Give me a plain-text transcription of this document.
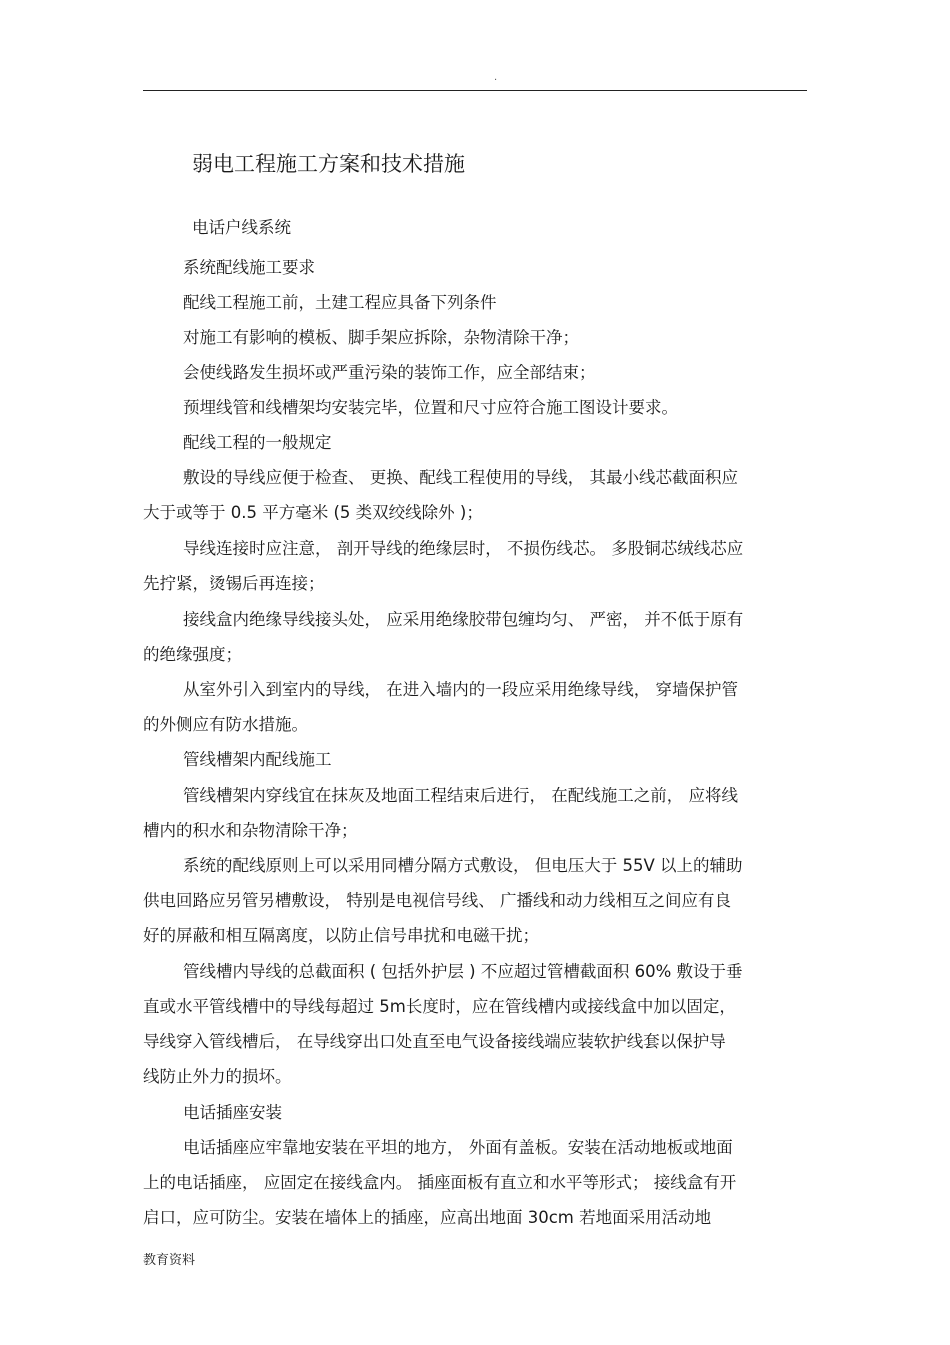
.
弱电工程施工方案和技术措施
电话户线系统
系统配线施工要求
配线工程施工前，土建工程应具备下列条件
对施工有影响的模板、脚手架应拆除，杂物清除干净；
会使线路发生损坏或严重污染的装饰工作，应全部结束；
预埋线管和线槽架均安装完毕，位置和尺寸应符合施工图设计要求。
配线工程的一般规定
敷设的导线应便于检查、 更换、配线工程使用的导线， 其最小线芯截面积应
大于或等于 0.5 平方毫米 (5 类双绞线除外 )；
导线连接时应注意， 剖开导线的绝缘层时， 不损伤线芯。 多股铜芯绒线芯应
先拧紧，烫锡后再连接；
接线盒内绝缘导线接头处， 应采用绝缘胶带包缠均匀、 严密， 并不低于原有
的绝缘强度；
从室外引入到室内的导线， 在进入墙内的一段应采用绝缘导线， 穿墙保护管
的外侧应有防水措施。
管线槽架内配线施工
管线槽架内穿线宜在抹灰及地面工程结束后进行， 在配线施工之前， 应将线
槽内的积水和杂物清除干净；
系统的配线原则上可以采用同槽分隔方式敷设， 但电压大于 55V 以上的辅助
供电回路应另管另槽敷设， 特别是电视信号线、 广播线和动力线相互之间应有良
好的屏蔽和相互隔离度，以防止信号串扰和电磁干扰；
管线槽内导线的总截面积 ( 包括外护层 ) 不应超过管槽截面积 60% 敷设于垂
直或水平管线槽中的导线每超过 5m长度时，应在管线槽内或接线盒中加以固定，
导线穿入管线槽后， 在导线穿出口处直至电气设备接线端应装软护线套以保护导
线防止外力的损坏。
电话插座安装
电话插座应牢靠地安装在平坦的地方， 外面有盖板。安装在活动地板或地面
上的电话插座， 应固定在接线盒内。 插座面板有直立和水平等形式； 接线盒有开
启口，应可防尘。安装在墙体上的插座，应高出地面 30cm 若地面采用活动地
教育资料
